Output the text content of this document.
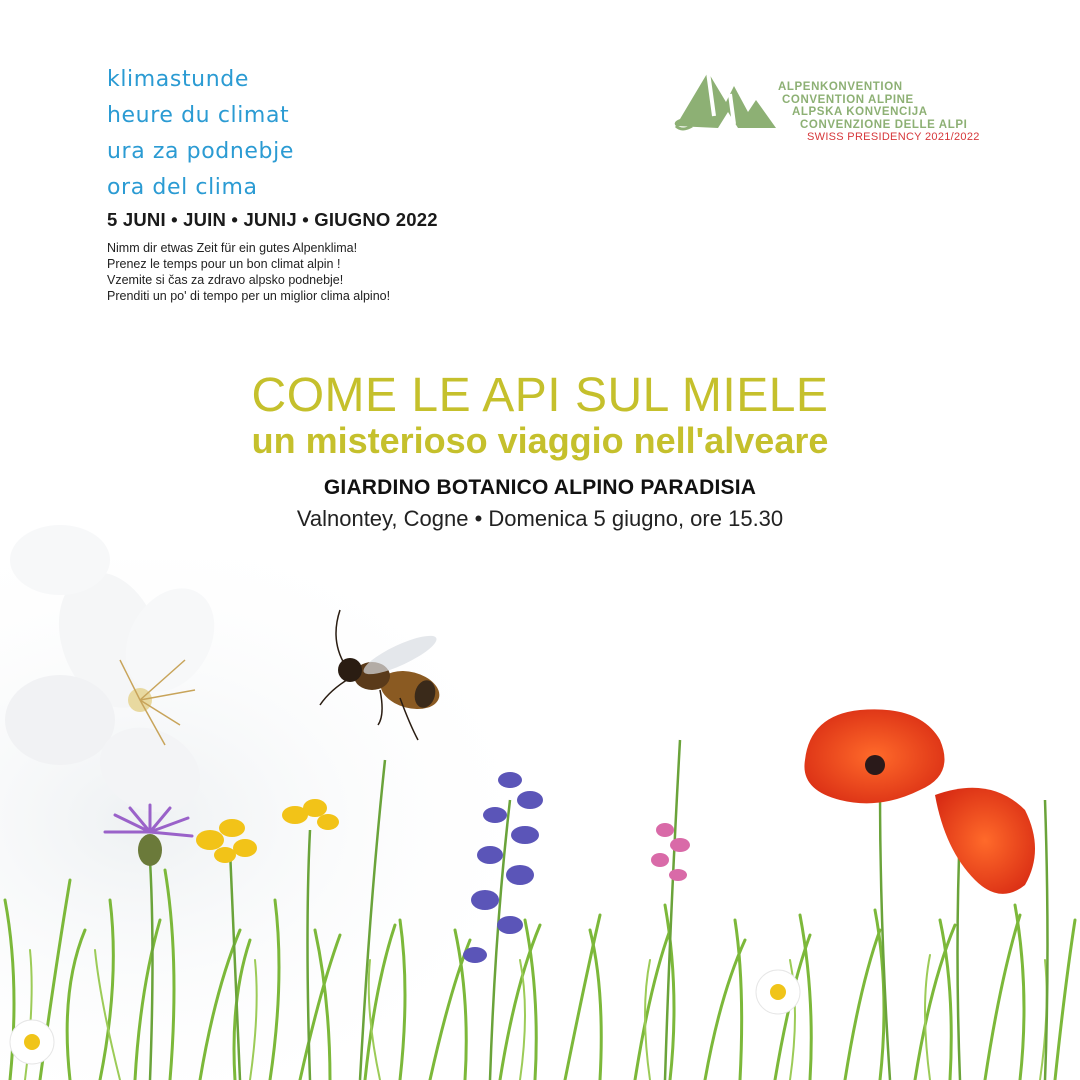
klimastunde
heure du climat
ura za podnebje
ora del clima
5 JUNI • JUIN • JUNIJ • GIUGNO 2022
Nimm dir etwas Zeit für ein gutes Alpenklima!
Prenez le temps pour un bon climat alpin !
Vzemite si čas za zdravo alpsko podnebje!
Prenditi un po' di tempo per un miglior clima alpino!
ALPENKONVENTION
CONVENTION ALPINE
ALPSKA KONVENCIJA
CONVENZIONE DELLE ALPI
SWISS PRESIDENCY 2021/2022
COME LE API SUL MIELE
un misterioso viaggio nell'alveare
GIARDINO BOTANICO ALPINO PARADISIA
Valnontey, Cogne • Domenica 5 giugno, ore 15.30
